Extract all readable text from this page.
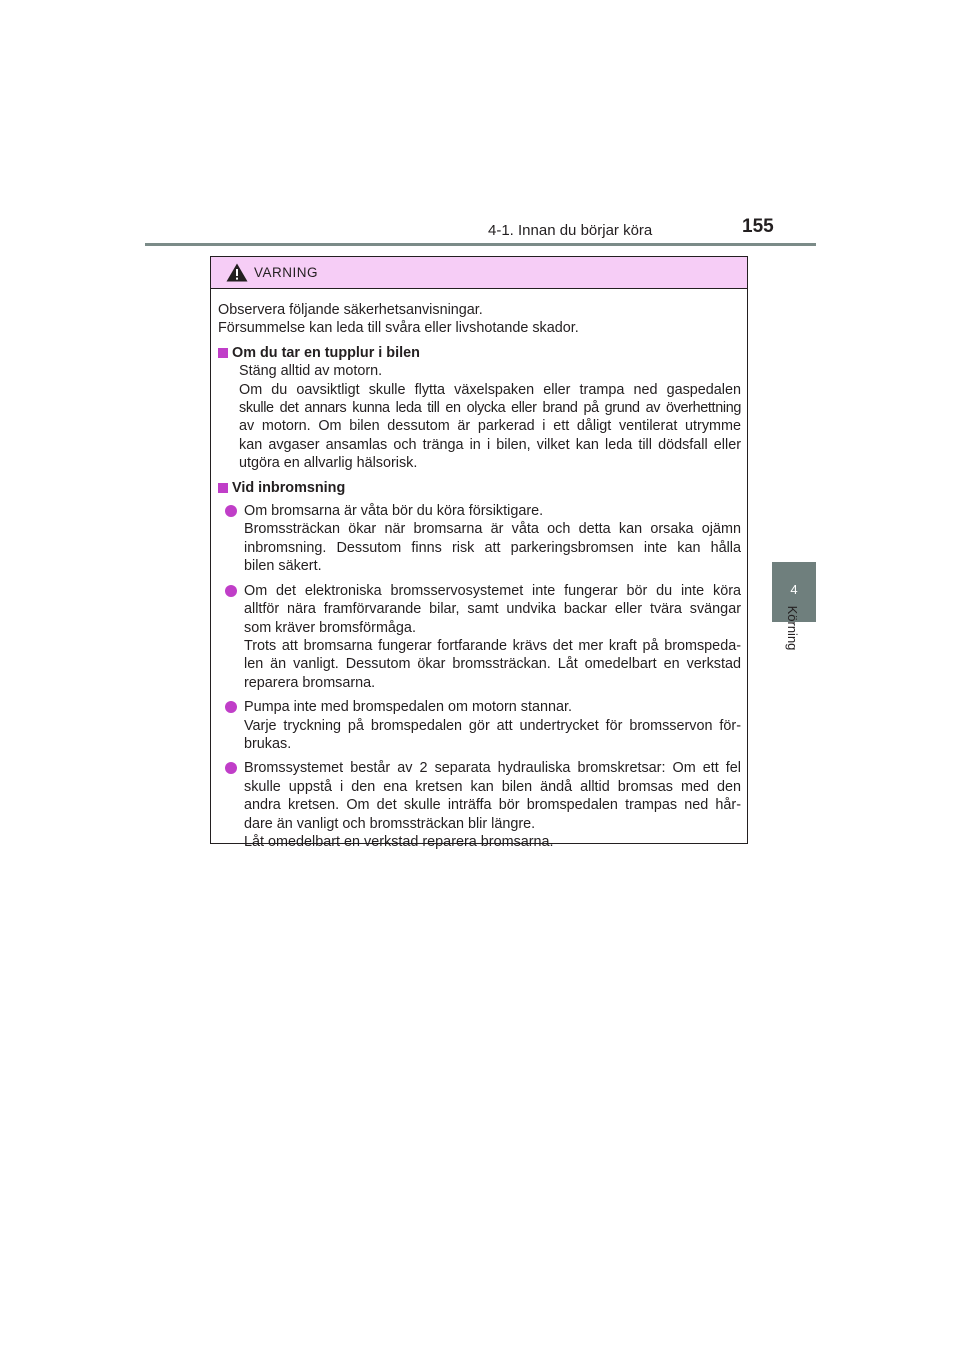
4-1. Innan du börjar köra	155
4
Körning
VARNING

Observera följande säkerhetsanvisningar.

Försummelse kan leda till svåra eller livshotande skador.

Om du tar en tupplur i bilen

Stäng alltid av motorn.

Om du oavsiktligt skulle flytta växelspaken eller trampa ned gaspedalen

skulle det annars kunna leda till en olycka eller brand på grund av överhettning

av motorn. Om bilen dessutom är parkerad i ett dåligt ventilerat utrymme

kan avgaser ansamlas och tränga in i bilen, vilket kan leda till dödsfall eller

utgöra en allvarlig hälsorisk.

Vid inbromsning

Om bromsarna är våta bör du köra försiktigare.

Bromssträckan ökar när bromsarna är våta och detta kan orsaka ojämn

inbromsning. Dessutom finns risk att parkeringsbromsen inte kan hålla

bilen säkert.

Om det elektroniska bromsservosystemet inte fungerar bör du inte köra

alltför nära framförvarande bilar, samt undvika backar eller tvära svängar

som kräver bromsförmåga.

Trots att bromsarna fungerar fortfarande krävs det mer kraft på bromspeda-

len än vanligt. Dessutom ökar bromssträckan. Låt omedelbart en verkstad

reparera bromsarna.

Pumpa inte med bromspedalen om motorn stannar.

Varje tryckning på bromspedalen gör att undertrycket för bromsservon för-

brukas.

Bromssystemet består av 2 separata hydrauliska bromskretsar: Om ett fel

skulle uppstå i den ena kretsen kan bilen ändå alltid bromsas med den

andra kretsen. Om det skulle inträffa bör bromspedalen trampas ned hår-

dare än vanligt och bromssträckan blir längre.

Låt omedelbart en verkstad reparera bromsarna.
